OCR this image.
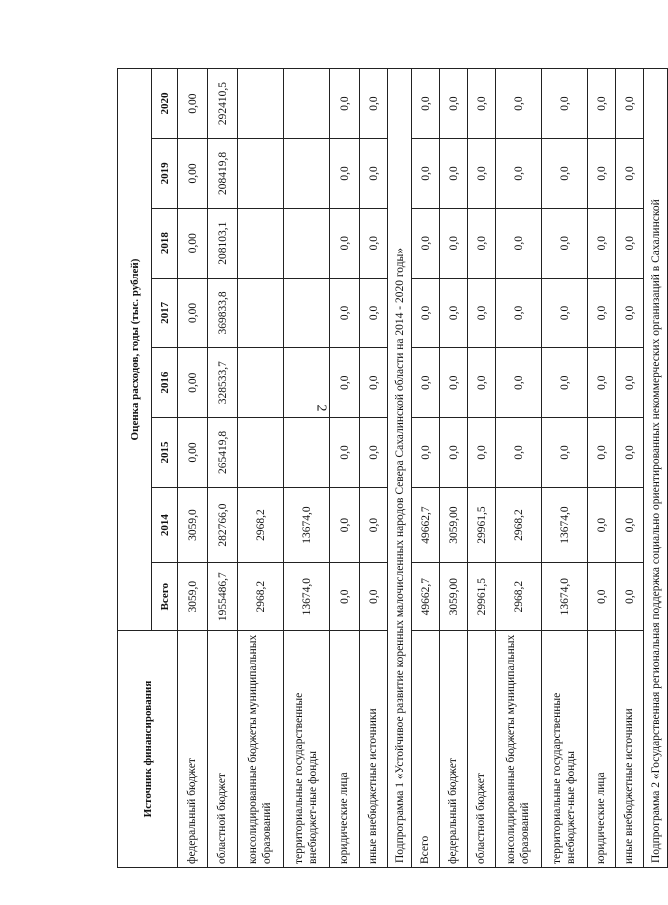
2
Источник финансирования	Оценка расходов, годы (тыс. рублей)							
	Всего	2014	2015	2016	2017	2018	2019	2020
федеральный бюджет	3059,0	3059,0	0,00	0,00	0,00	0,00	0,00	0,00
областной бюджет	1955486,7	282766,0	265419,8	328533,7	369833,8	208103,1	208419,8	292410,5
консолидированные бюджеты муниципальных образований	2968,2	2968,2						
территориальные государственные внебюджет-ные фонды	13674,0	13674,0						
юридические лица	0,0	0,0	0,0	0,0	0,0	0,0	0,0	0,0
иные внебюджетные источники	0,0	0,0	0,0	0,0	0,0	0,0	0,0	0,0
Подпрограмма 1 «Устойчивое развитие коренных малочисленных народов Севера Сахалинской области на 2014 - 2020 годы»								
Всего	49662,7	49662,7	0,0	0,0	0,0	0,0	0,0	0,0
федеральный бюджет	3059,00	3059,00	0,0	0,0	0,0	0,0	0,0	0,0
областной бюджет	29961,5	29961,5	0,0	0,0	0,0	0,0	0,0	0,0
консолидированные бюджеты муниципальных образований	2968,2	2968,2	0,0	0,0	0,0	0,0	0,0	0,0
территориальные государственные внебюджет-ные фонды	13674,0	13674,0	0,0	0,0	0,0	0,0	0,0	0,0
юридические лица	0,0	0,0	0,0	0,0	0,0	0,0	0,0	0,0
иные внебюджетные источники	0,0	0,0	0,0	0,0	0,0	0,0	0,0	0,0
Подпрограмма 2 «Государственная региональная поддержка социально ориентированных некоммерческих организаций в Сахалинской								
